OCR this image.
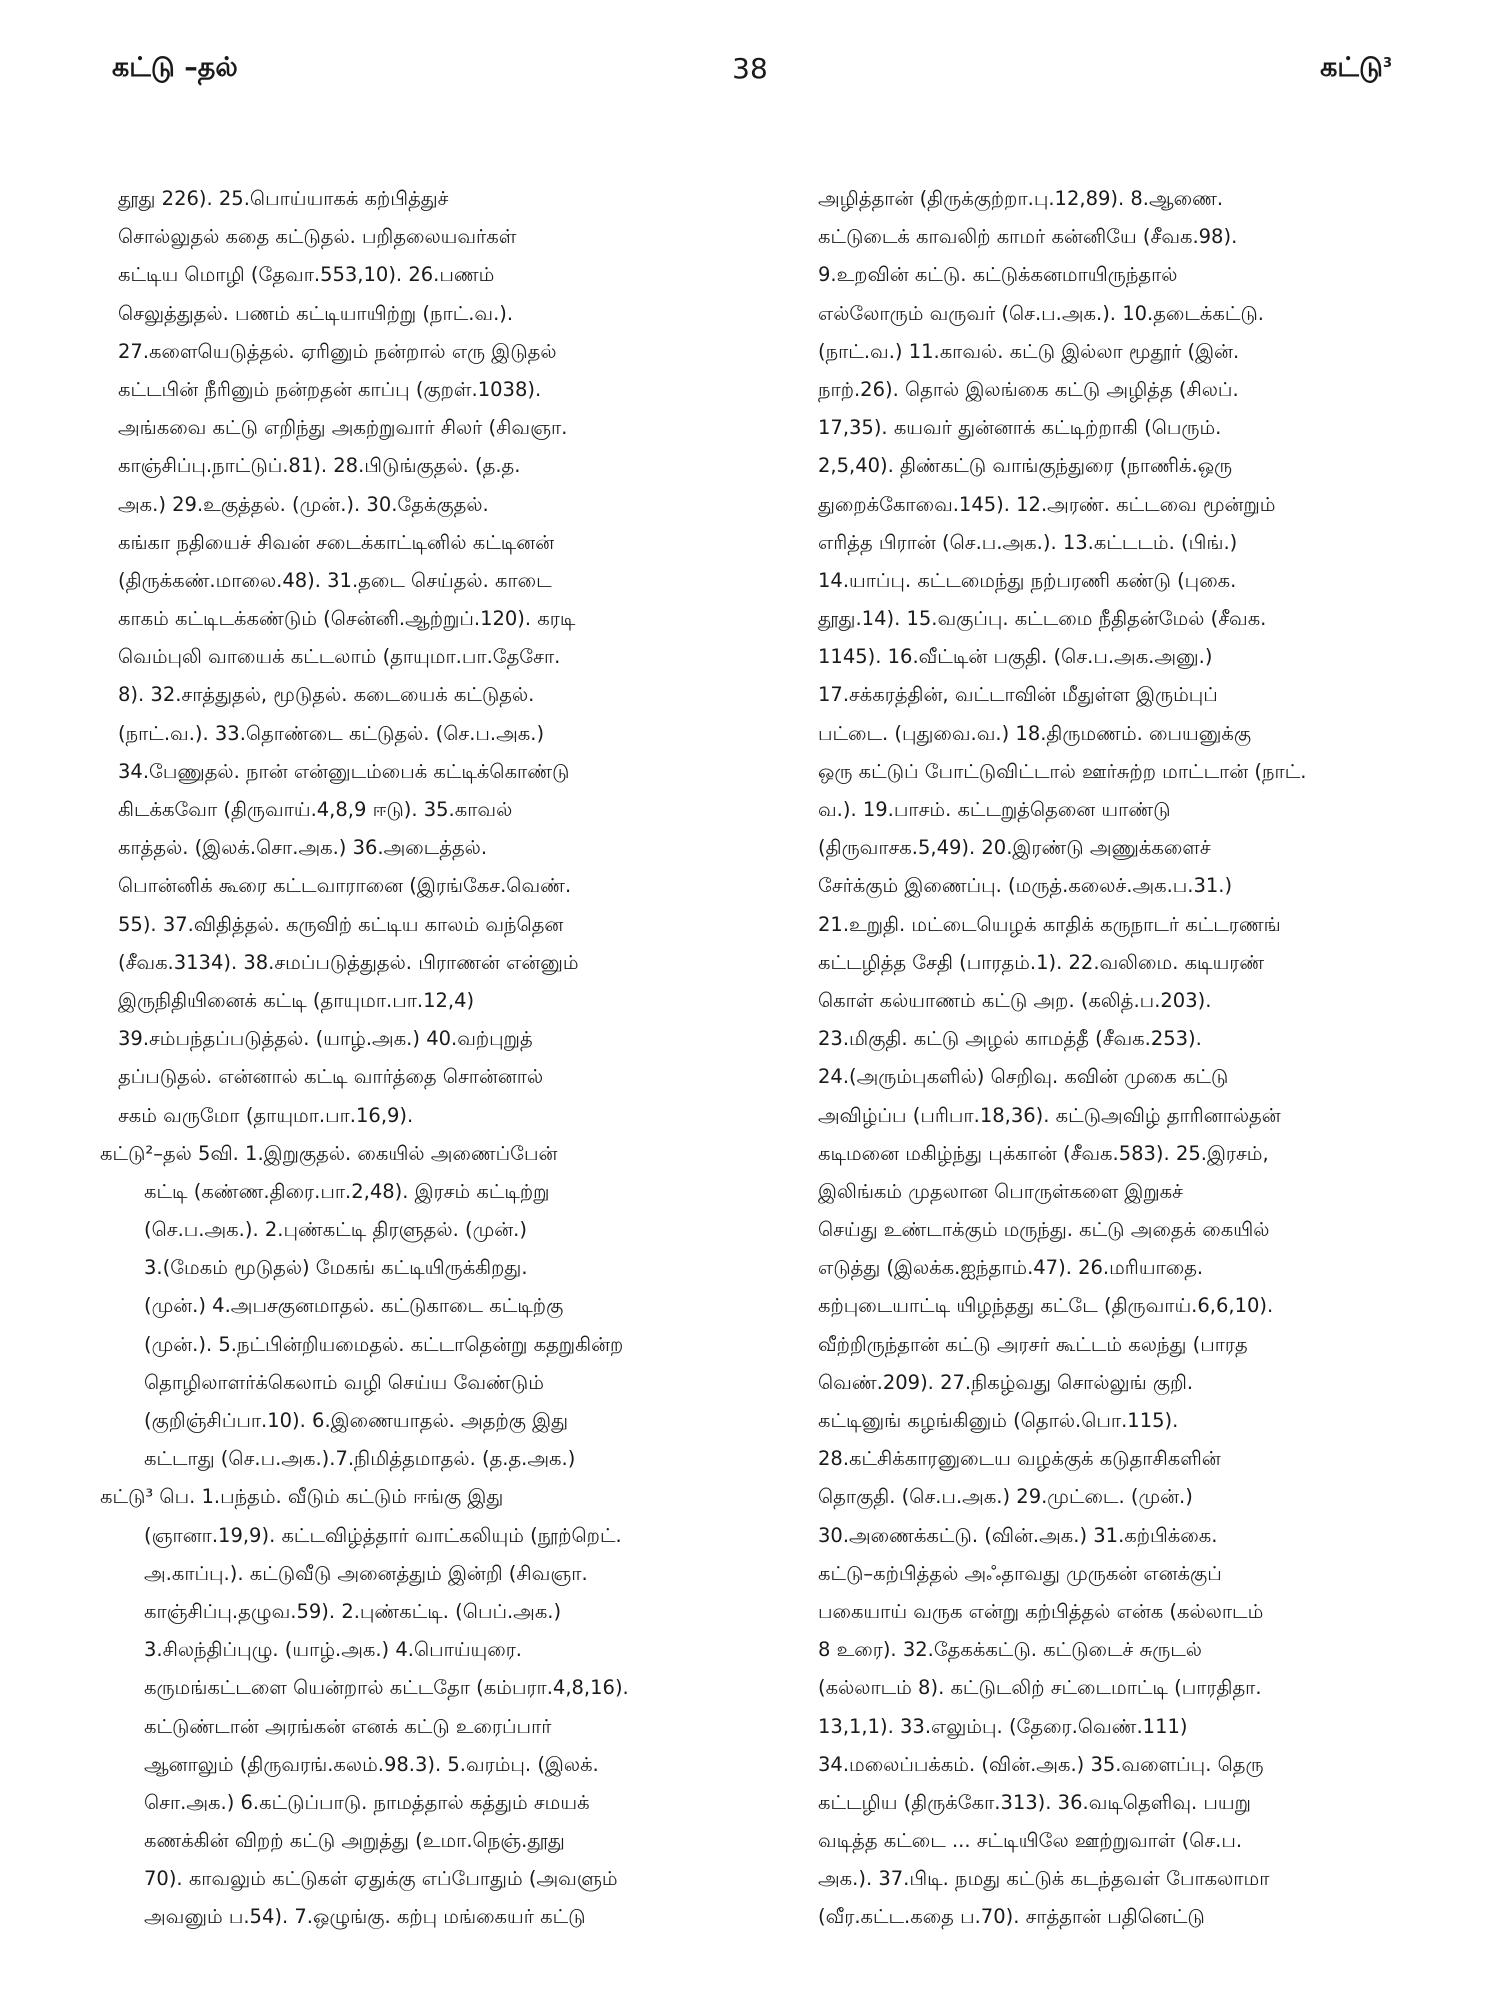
கட்டு –தல்	38	கட்டு$^3$
தூது 226). 25.பொய்யாகக் கற்பித்துச்
சொல்லுதல் கதை கட்டுதல். பறிதலையவர்கள்
கட்டிய மொழி (தேவா.553,10). 26.பணம்
செலுத்துதல். பணம் கட்டியாயிற்று (நாட்.வ.).
27.களையெடுத்தல். ஏரினும் நன்றால் எரு இடுதல்
கட்டபின் நீரினும் நன்றதன் காப்பு (குறள்.1038).
அங்கவை கட்டு எறிந்து அகற்றுவார் சிலர் (சிவஞா.
காஞ்சிப்பு.நாட்டுப்.81). 28.பிடுங்குதல். (த.த.
அக.) 29.உகுத்தல். (முன்.). 30.தேக்குதல்.
கங்கா நதியைச் சிவன் சடைக்காட்டினில் கட்டினன்
(திருக்கண்.மாலை.48). 31.தடை செய்தல். காடை
காகம் கட்டிடக்கண்டும் (சென்னி.ஆற்றுப்.120). கரடி
வெம்புலி வாயைக் கட்டலாம் (தாயுமா.பா.தேசோ.
8). 32.சாத்துதல், மூடுதல். கடையைக் கட்டுதல்.
(நாட்.வ.). 33.தொண்டை கட்டுதல். (செ.ப.அக.)
34.பேணுதல். நான் என்னுடம்பைக் கட்டிக்கொண்டு
கிடக்கவோ (திருவாய்.4,8,9 ஈடு). 35.காவல்
காத்தல். (இலக்.சொ.அக.) 36.அடைத்தல்.
பொன்னிக் கூரை கட்டவாரானை (இரங்கேச.வெண்.
55). 37.விதித்தல். கருவிற் கட்டிய காலம் வந்தென
(சீவக.3134). 38.சமப்படுத்துதல். பிராணன் என்னும்
இருநிதியினைக் கட்டி (தாயுமா.பா.12,4)
39.சம்பந்தப்படுத்தல். (யாழ்.அக.) 40.வற்புறுத்
தப்படுதல். என்னால் கட்டி வார்த்தை சொன்னால்
சகம் வருமோ (தாயுமா.பா.16,9).
கட்டு²–தல் 5வி. 1.இறுகுதல். கையில் அணைப்பேன்
கட்டி (கண்ண.திரை.பா.2,48). இரசம் கட்டிற்று
(செ.ப.அக.). 2.புண்கட்டி திரளுதல். (முன்.)
3.(மேகம் மூடுதல்) மேகங் கட்டியிருக்கிறது.
(முன்.) 4.அபசகுனமாதல். கட்டுகாடை கட்டிற்கு
(முன்.). 5.நட்பின்றியமைதல். கட்டாதென்று கதறுகின்ற
தொழிலாளர்க்கெலாம் வழி செய்ய வேண்டும்
(குறிஞ்சிப்பா.10). 6.இணையாதல். அதற்கு இது
கட்டாது (செ.ப.அக.).7.நிமித்தமாதல். (த.த.அக.)
கட்டு³ பெ. 1.பந்தம். வீடும் கட்டும் ஈங்கு இது
(ஞானா.19,9). கட்டவிழ்த்தார் வாட்கலியும் (நூற்றெட்.
அ.காப்பு.). கட்டுவீடு அனைத்தும் இன்றி (சிவஞா.
காஞ்சிப்பு.தழுவ.59). 2.புண்கட்டி. (பெப்.அக.)
3.சிலந்திப்புழு. (யாழ்.அக.) 4.பொய்யுரை.
கருமங்கட்டளை யென்றால் கட்டதோ (கம்பரா.4,8,16).
கட்டுண்டான் அரங்கன் எனக் கட்டு உரைப்பார்
ஆனாலும் (திருவரங்.கலம்.98.3). 5.வரம்பு. (இலக்.
சொ.அக.) 6.கட்டுப்பாடு. நாமத்தால் கத்தும் சமயக்
கணக்கின் விறற் கட்டு அறுத்து (உமா.நெஞ்.தூது
70). காவலும் கட்டுகள் ஏதுக்கு எப்போதும் (அவளும்
அவனும் ப.54). 7.ஒழுங்கு. கற்பு மங்கையர் கட்டு
அழித்தான் (திருக்குற்றா.பு.12,89). 8.ஆணை.
கட்டுடைக் காவலிற் காமர் கன்னியே (சீவக.98).
9.உறவின் கட்டு. கட்டுக்கனமாயிருந்தால்
எல்லோரும் வருவர் (செ.ப.அக.). 10.தடைக்கட்டு.
(நாட்.வ.) 11.காவல். கட்டு இல்லா மூதூர் (இன்.
நாற்.26). தொல் இலங்கை கட்டு அழித்த (சிலப்.
17,35). கயவர் துன்னாக் கட்டிற்றாகி (பெரும்.
2,5,40). திண்கட்டு வாங்குந்துரை (நாணிக்.ஒரு
துறைக்கோவை.145). 12.அரண். கட்டவை மூன்றும்
எரித்த பிரான் (செ.ப.அக.). 13.கட்டடம். (பிங்.)
14.யாப்பு. கட்டமைந்து நற்பரணி கண்டு (புகை.
தூது.14). 15.வகுப்பு. கட்டமை நீதிதன்மேல் (சீவக.
1145). 16.வீட்டின் பகுதி. (செ.ப.அக.அனு.)
17.சக்கரத்தின், வட்டாவின் மீதுள்ள இரும்புப்
பட்டை. (புதுவை.வ.) 18.திருமணம். பையனுக்கு
ஒரு கட்டுப் போட்டுவிட்டால் ஊர்சுற்ற மாட்டான் (நாட்.
வ.). 19.பாசம். கட்டறுத்தெனை யாண்டு
(திருவாசக.5,49). 20.இரண்டு அணுக்களைச்
சேர்க்கும் இணைப்பு. (மருத்.கலைச்.அக.ப.31.)
21.உறுதி. மட்டையெழக் காதிக் கருநாடர் கட்டரணங்
கட்டழித்த சேதி (பாரதம்.1). 22.வலிமை. கடியரண்
கொள் கல்யாணம் கட்டு அற. (கலித்.ப.203).
23.மிகுதி. கட்டு அழல் காமத்தீ (சீவக.253).
24.(அரும்புகளில்) செறிவு. கவின் முகை கட்டு
அவிழ்ப்ப (பரிபா.18,36). கட்டுஅவிழ் தாரினால்தன்
கடிமனை மகிழ்ந்து புக்கான் (சீவக.583). 25.இரசம்,
இலிங்கம் முதலான பொருள்களை இறுகச்
செய்து உண்டாக்கும் மருந்து. கட்டு அதைக் கையில்
எடுத்து (இலக்க.ஐந்தாம்.47). 26.மரியாதை.
கற்புடையாட்டி யிழந்தது கட்டே (திருவாய்.6,6,10).
வீற்றிருந்தான் கட்டு அரசர் கூட்டம் கலந்து (பாரத
வெண்.209). 27.நிகழ்வது சொல்லுங் குறி.
கட்டினுங் கழங்கினும் (தொல்.பொ.115).
28.கட்சிக்காரனுடைய வழக்குக் கடுதாசிகளின்
தொகுதி. (செ.ப.அக.) 29.முட்டை. (முன்.)
30.அணைக்கட்டு. (வின்.அக.) 31.கற்பிக்கை.
கட்டு–கற்பித்தல் அஃதாவது முருகன் எனக்குப்
பகையாய் வருக என்று கற்பித்தல் என்க (கல்லாடம்
8 உரை). 32.தேகக்கட்டு. கட்டுடைச் சுருடல்
(கல்லாடம் 8). கட்டுடலிற் சட்டைமாட்டி (பாரதிதா.
13,1,1). 33.எலும்பு. (தேரை.வெண்.111)
34.மலைப்பக்கம். (வின்.அக.) 35.வளைப்பு. தெரு
கட்டழிய (திருக்கோ.313). 36.வடிதெளிவு. பயறு
வடித்த கட்டை ... சட்டியிலே ஊற்றுவாள் (செ.ப.
அக.). 37.பிடி. நமது கட்டுக் கடந்தவள் போகலாமா
(வீர.கட்ட.கதை ப.70). சாத்தான் பதினெட்டு
